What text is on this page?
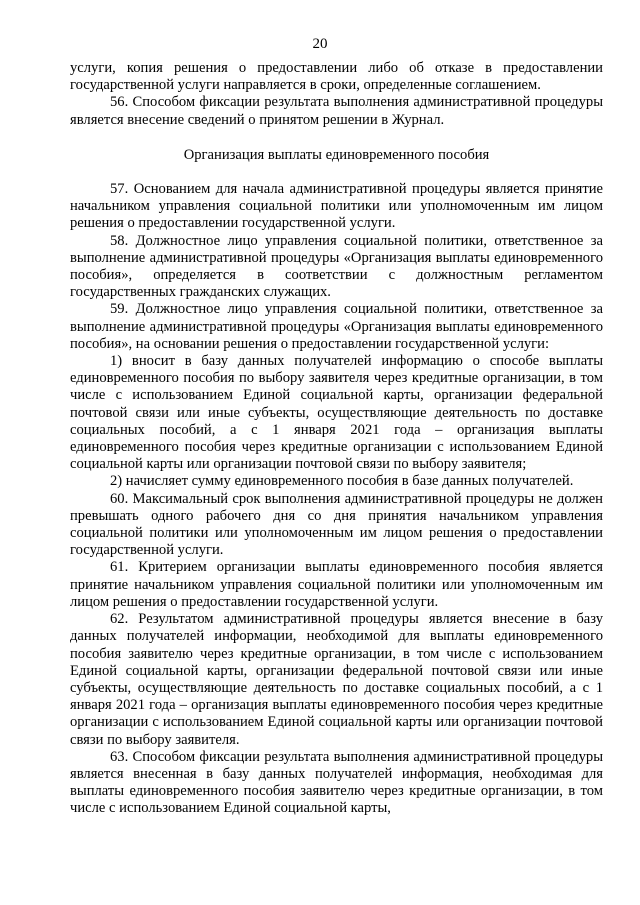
20

услуги, копия решения о предоставлении либо об отказе в предоставлении государственной услуги направляется в сроки, определенные соглашением.

56. Способом фиксации результата выполнения административной процедуры является внесение сведений о принятом решении в Журнал.

Организация выплаты единовременного пособия

57. Основанием для начала административной процедуры является принятие начальником управления социальной политики или уполномоченным им лицом решения о предоставлении государственной услуги.

58. Должностное лицо управления социальной политики, ответственное за выполнение административной процедуры «Организация выплаты единовременного пособия», определяется в соответствии с должностным регламентом государственных гражданских служащих.

59. Должностное лицо управления социальной политики, ответственное за выполнение административной процедуры «Организация выплаты единовременного пособия», на основании решения о предоставлении государственной услуги:

1) вносит в базу данных получателей информацию о способе выплаты единовременного пособия по выбору заявителя через кредитные организации, в том числе с использованием Единой социальной карты, организации федеральной почтовой связи или иные субъекты, осуществляющие деятельность по доставке социальных пособий, а с 1 января 2021 года – организация выплаты единовременного пособия через кредитные организации с использованием Единой социальной карты или организации почтовой связи по выбору заявителя;

2) начисляет сумму единовременного пособия в базе данных получателей.

60. Максимальный срок выполнения административной процедуры не должен превышать одного рабочего дня со дня принятия начальником управления социальной политики или уполномоченным им лицом решения о предоставлении государственной услуги.

61. Критерием организации выплаты единовременного пособия является принятие начальником управления социальной политики или уполномоченным им лицом решения о предоставлении государственной услуги.

62. Результатом административной процедуры является внесение в базу данных получателей информации, необходимой для выплаты единовременного пособия заявителю через кредитные организации, в том числе с использованием Единой социальной карты, организации федеральной почтовой связи или иные субъекты, осуществляющие деятельность по доставке социальных пособий, а с 1 января 2021 года – организация выплаты единовременного пособия через кредитные организации с использованием Единой социальной карты или организации почтовой связи по выбору заявителя.

63. Способом фиксации результата выполнения административной процедуры является внесенная в базу данных получателей информация, необходимая для выплаты единовременного пособия заявителю через кредитные организации, в том числе с использованием Единой социальной карты,
